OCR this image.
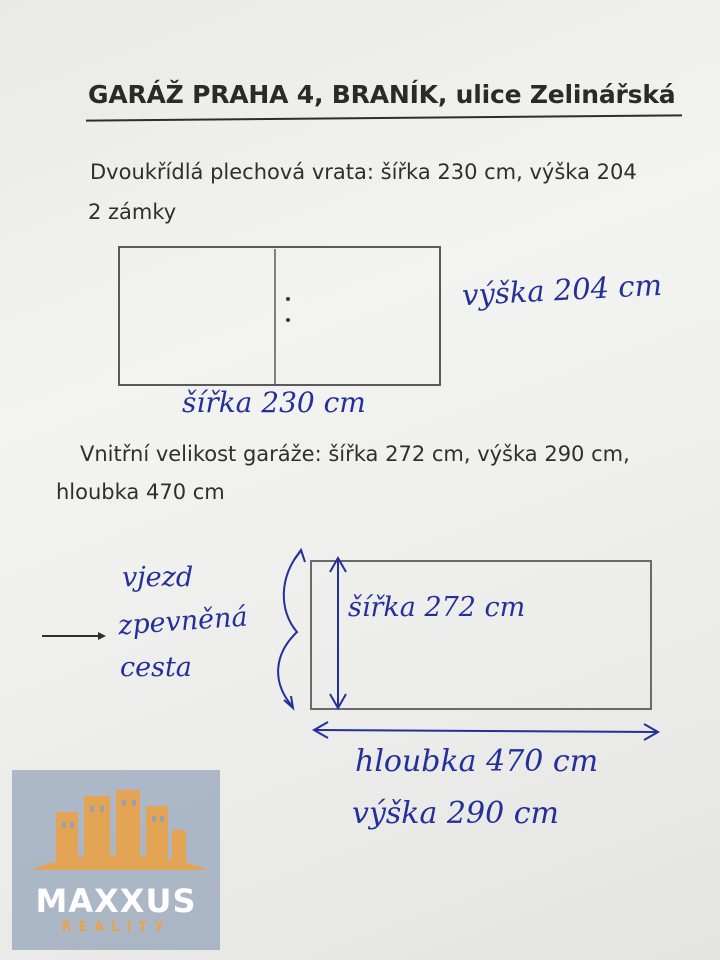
GARÁŽ PRAHA 4, BRANÍK, ulice Zelinářská

Dvoukřídlá plechová vrata: šířka 230 cm, výška 204

2 zámky

Vnitřní velikost garáže: šířka 272 cm, výška 290 cm,

hloubka 470 cm

výška 204 cm

šířka 230 cm

vjezd

zpevněná

cesta

šířka 272 cm

hloubka 470 cm

výška 290 cm

MAXXUS
REALITY
